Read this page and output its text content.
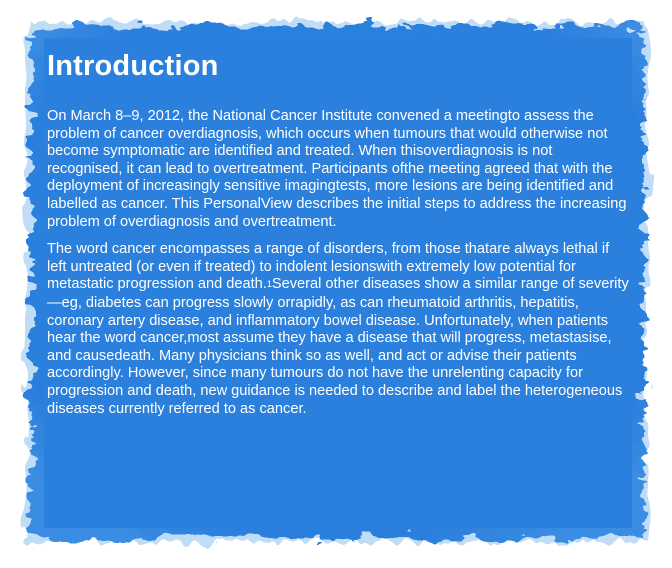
Introduction

On March 8–9, 2012, the National Cancer Institute convened a meetingto assess the problem of cancer overdiagnosis, which occurs when tumours that would otherwise not become symptomatic are identified and treated. When thisoverdiagnosis is not recognised, it can lead to overtreatment. Participants ofthe meeting agreed that with the deployment of increasingly sensitive imagingtests, more lesions are being identified and labelled as cancer. This PersonalView describes the initial steps to address the increasing problem of overdiagnosis and overtreatment.

The word cancer encompasses a range of disorders, from those thatare always lethal if left untreated (or even if treated) to indolent lesionswith extremely low potential for metastatic progression and death.1Several other diseases show a similar range of severity—eg, diabetes can progress slowly orrapidly, as can rheumatoid arthritis, hepatitis, coronary artery disease, and inflammatory bowel disease. Unfortunately, when patients hear the word cancer,most assume they have a disease that will progress, metastasise, and causedeath. Many physicians think so as well, and act or advise their patients accordingly. However, since many tumours do not have the unrelenting capacity for progression and death, new guidance is needed to describe and label the heterogeneous diseases currently referred to as cancer.
